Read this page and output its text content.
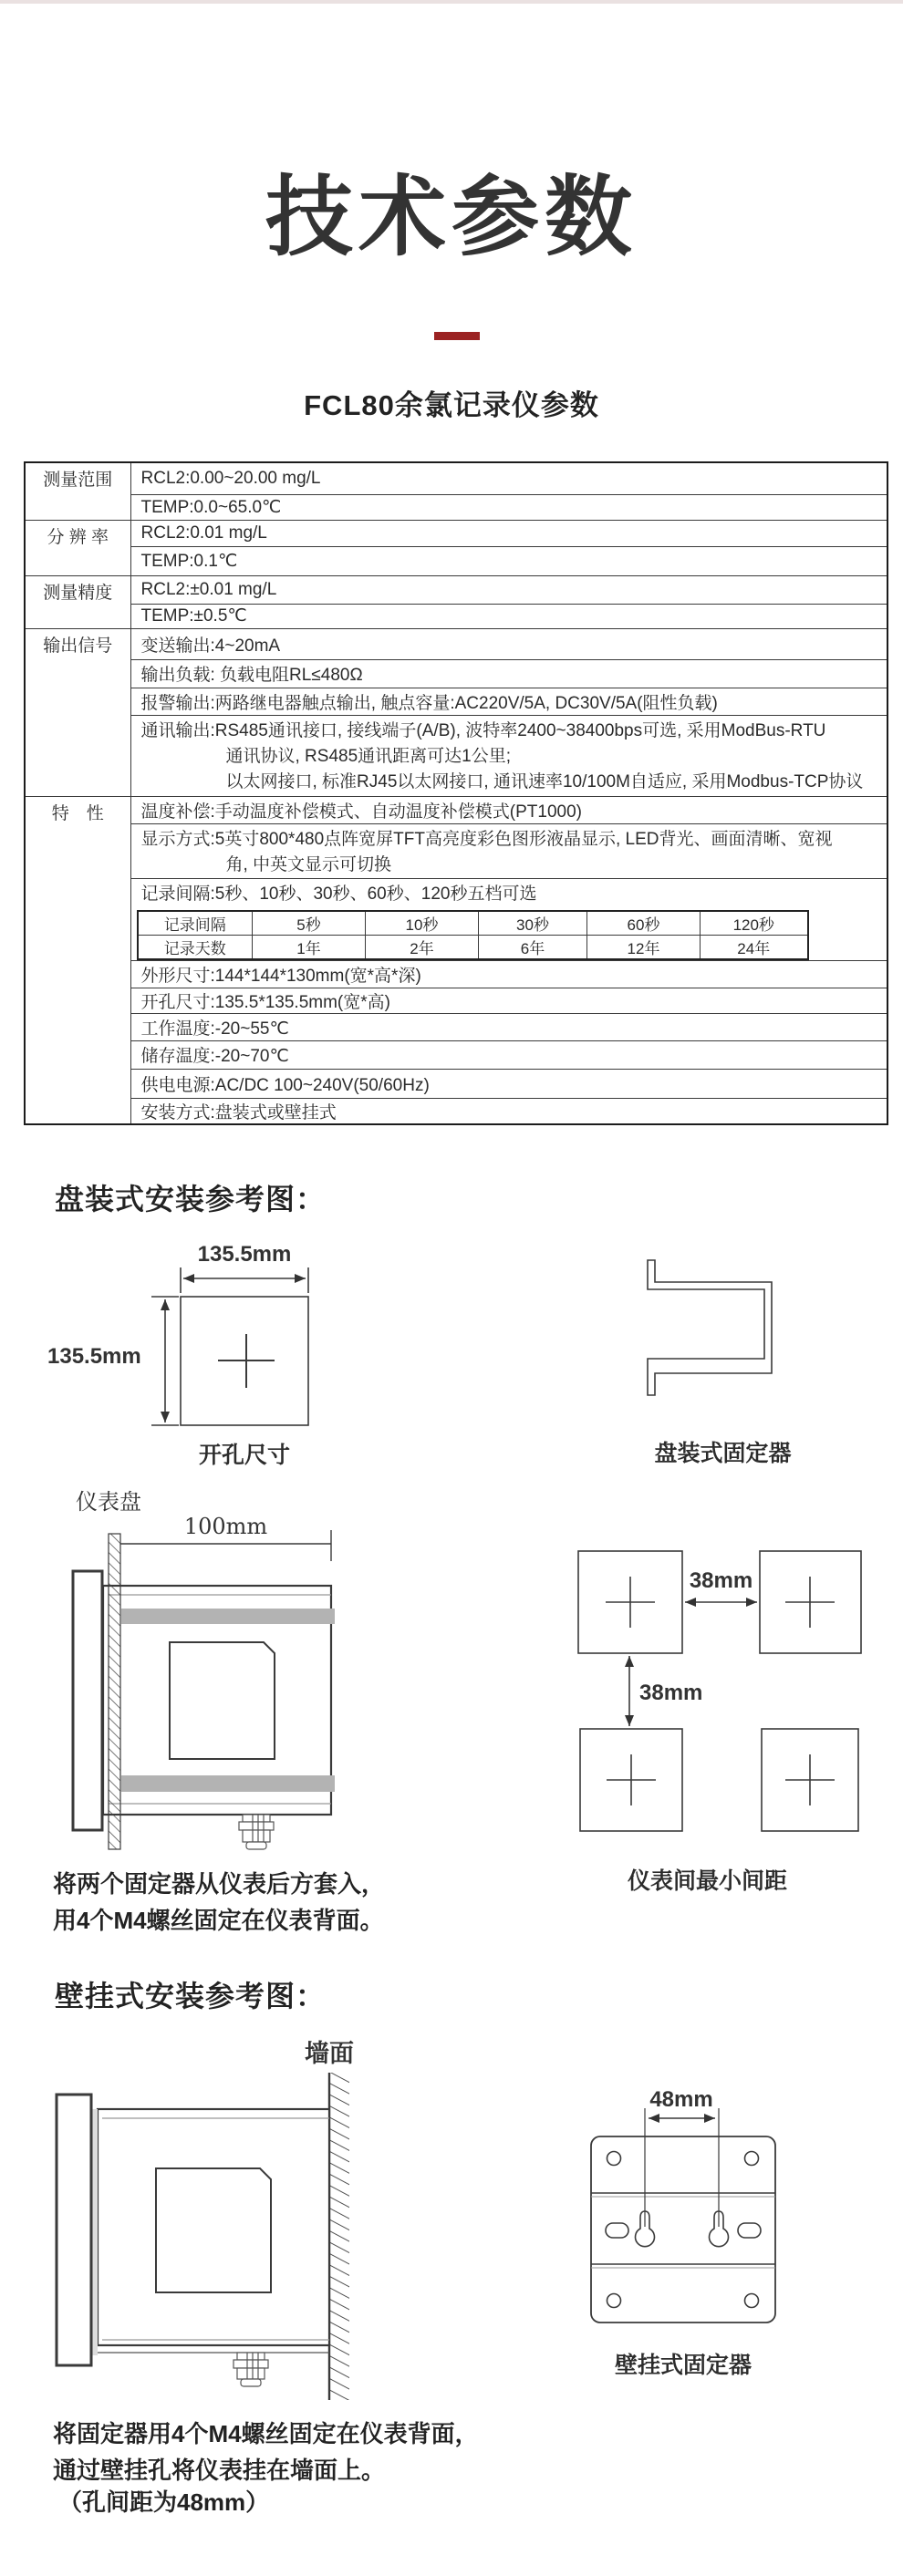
技术参数
FCL80余氯记录仪参数
测量范围	RCL2:0.00~20.00 mg/L
TEMP:0.0~65.0℃

分 辨 率	RCL2:0.01 mg/L
TEMP:0.1℃

测量精度	RCL2:±0.01 mg/L
TEMP:±0.5℃

输出信号	变送输出:4~20mA
输出负载: 负载电阻RL≤480Ω
报警输出:两路继电器触点输出, 触点容量:AC220V/5A, DC30V/5A(阻性负载)

通讯输出:RS485通讯接口, 接线端子(A/B), 波特率2400~38400bps可选, 采用ModBus-RTU
通讯协议, RS485通讯距离可达1公里;
以太网接口, 标准RJ45以太网接口, 通讯速率10/100M自适应, 采用Modbus-TCP协议

特　性	温度补偿:手动温度补偿模式、自动温度补偿模式(PT1000)

显示方式:5英寸800*480点阵宽屏TFT高亮度彩色图形液晶显示, LED背光、画面清晰、宽视
角, 中英文显示可切换

记录间隔:5秒、10秒、30秒、60秒、120秒五档可选
记录间隔	5秒	10秒	30秒	60秒	120秒
记录天数	1年	2年	6年	12年	24年

外形尺寸:144*144*130mm(宽*高*深)
开孔尺寸:135.5*135.5mm(宽*高)
工作温度:-20~55℃
储存温度:-20~70℃
供电电源:AC/DC 100~240V(50/60Hz)
安装方式:盘装式或壁挂式
盘装式安装参考图：
135.5mm
135.5mm
开孔尺寸	盘装式固定器
仪表盘
100mm
38mm
38mm
仪表间最小间距
将两个固定器从仪表后方套入，
用4个M4螺丝固定在仪表背面。
壁挂式安装参考图：
墙面
48mm
壁挂式固定器
将固定器用4个M4螺丝固定在仪表背面，
通过壁挂孔将仪表挂在墙面上。
（孔间距为48mm）
